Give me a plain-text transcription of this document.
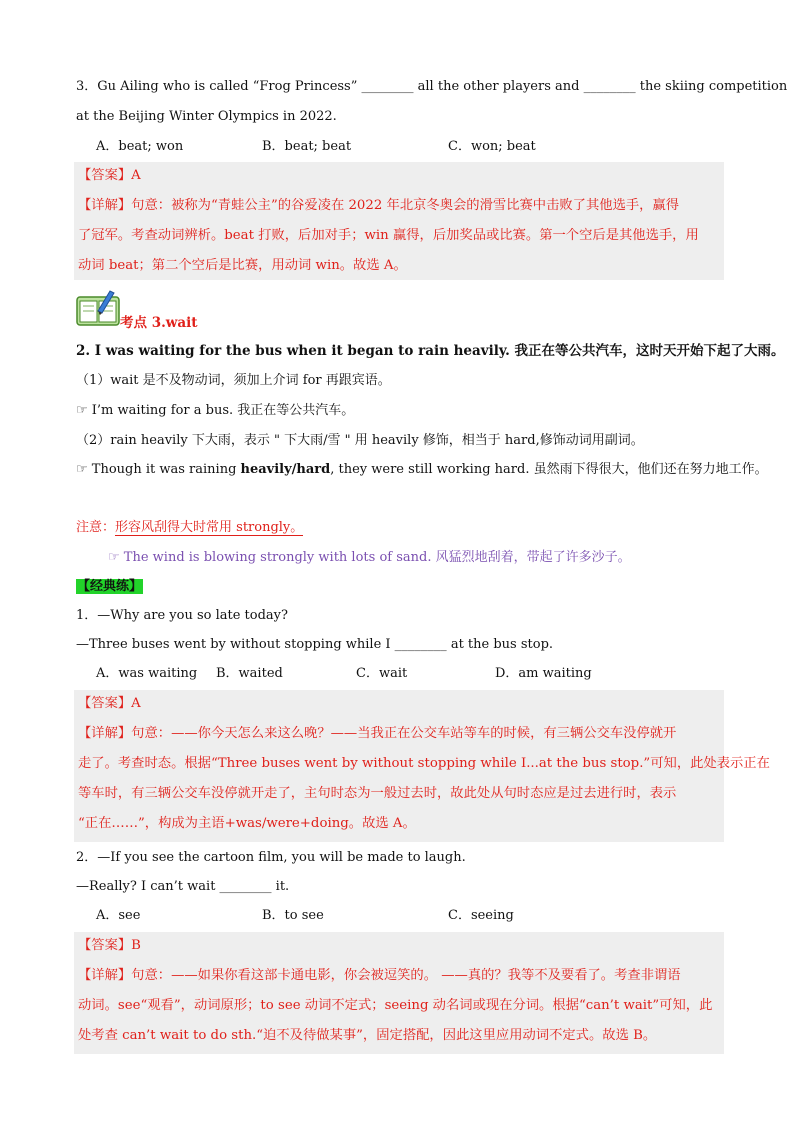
3．Gu Ailing who is called “Frog Princess” ________ all the other players and ________ the skiing competition
at the Beijing Winter Olympics in 2022.
A．beat; won	B．beat; beat	C．won; beat
【答案】A
【详解】句意：被称为“青蛙公主”的谷爱凌在 2022 年北京冬奥会的滑雪比赛中击败了其他选手，赢得
了冠军。考查动词辨析。beat 打败，后加对手；win 赢得，后加奖品或比赛。第一个空后是其他选手，用
动词 beat；第二个空后是比赛，用动词 win。故选 A。
考点 3.wait
2. I was waiting for the bus when it began to rain heavily. 我正在等公共汽车，这时天开始下起了大雨。
（1）wait 是不及物动词，须加上介词 for 再跟宾语。
☞ I’m waiting for a bus. 我正在等公共汽车。
（2）rain heavily 下大雨，表示 " 下大雨/雪 " 用 heavily 修饰，相当于 hard,修饰动词用副词。
☞ Though it was raining heavily/hard, they were still working hard. 虽然雨下得很大，他们还在努力地工作。
注意：形容风刮得大时常用 strongly。
☞ The wind is blowing strongly with lots of sand. 风猛烈地刮着，带起了许多沙子。
【经典练】
1．—Why are you so late today?
—Three buses went by without stopping while I ________ at the bus stop.
A．was waiting B．waited	C．wait	D．am waiting
【答案】A
【详解】句意：——你今天怎么来这么晚？——当我正在公交车站等车的时候，有三辆公交车没停就开
走了。考查时态。根据“Three buses went by without stopping while I...at the bus stop.”可知，此处表示正在
等车时，有三辆公交车没停就开走了，主句时态为一般过去时，故此处从句时态应是过去进行时，表示
“正在……”，构成为主语+was/were+doing。故选 A。
2．—If you see the cartoon film, you will be made to laugh.
—Really? I can’t wait ________ it.
A．see	B．to see	C．seeing
【答案】B
【详解】句意：——如果你看这部卡通电影，你会被逗笑的。 ——真的？我等不及要看了。考查非谓语
动词。see“观看”，动词原形；to see 动词不定式；seeing 动名词或现在分词。根据“can’t wait”可知，此
处考查 can’t wait to do sth.“迫不及待做某事”，固定搭配，因此这里应用动词不定式。故选 B。
